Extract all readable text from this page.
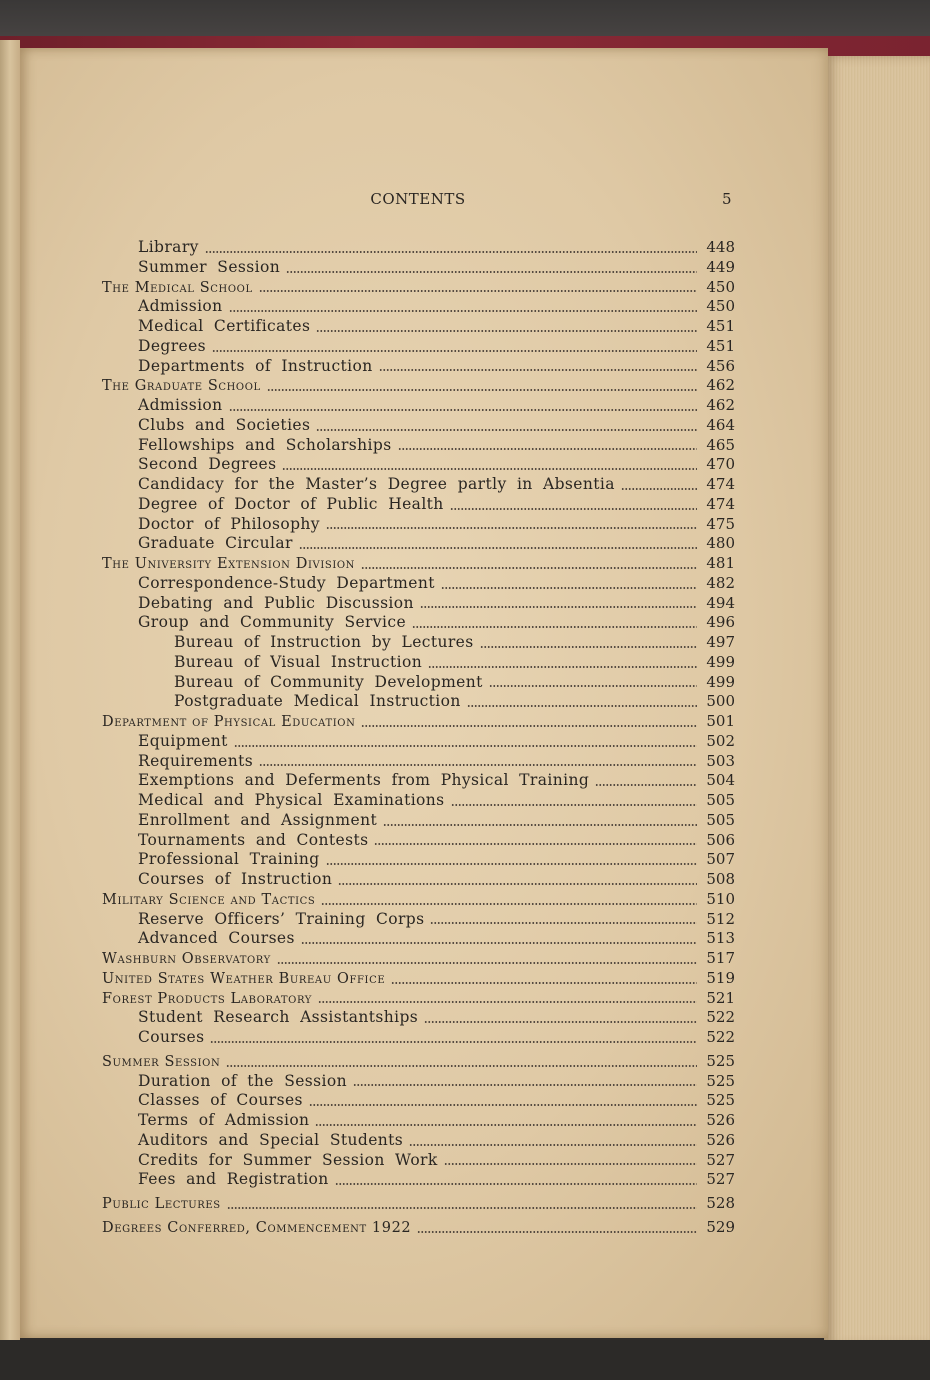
CONTENTS	5
Library	448
Summer Session	449
The Medical School	450
Admission	450
Medical Certificates	451
Degrees	451
Departments of Instruction	456
The Graduate School	462
Admission	462
Clubs and Societies	464
Fellowships and Scholarships	465
Second Degrees	470
Candidacy for the Master’s Degree partly in Absentia	474
Degree of Doctor of Public Health	474
Doctor of Philosophy	475
Graduate Circular	480
The University Extension Division	481
Correspondence-Study Department	482
Debating and Public Discussion	494
Group and Community Service	496
Bureau of Instruction by Lectures	497
Bureau of Visual Instruction	499
Bureau of Community Development	499
Postgraduate Medical Instruction	500
Department of Physical Education	501
Equipment	502
Requirements	503
Exemptions and Deferments from Physical Training	504
Medical and Physical Examinations	505
Enrollment and Assignment	505
Tournaments and Contests	506
Professional Training	507
Courses of Instruction	508
Military Science and Tactics	510
Reserve Officers’ Training Corps	512
Advanced Courses	513
Washburn Observatory	517
United States Weather Bureau Office	519
Forest Products Laboratory	521
Student Research Assistantships	522
Courses	522
Summer Session	525
Duration of the Session	525
Classes of Courses	525
Terms of Admission	526
Auditors and Special Students	526
Credits for Summer Session Work	527
Fees and Registration	527
Public Lectures	528
Degrees Conferred, Commencement 1922	529
